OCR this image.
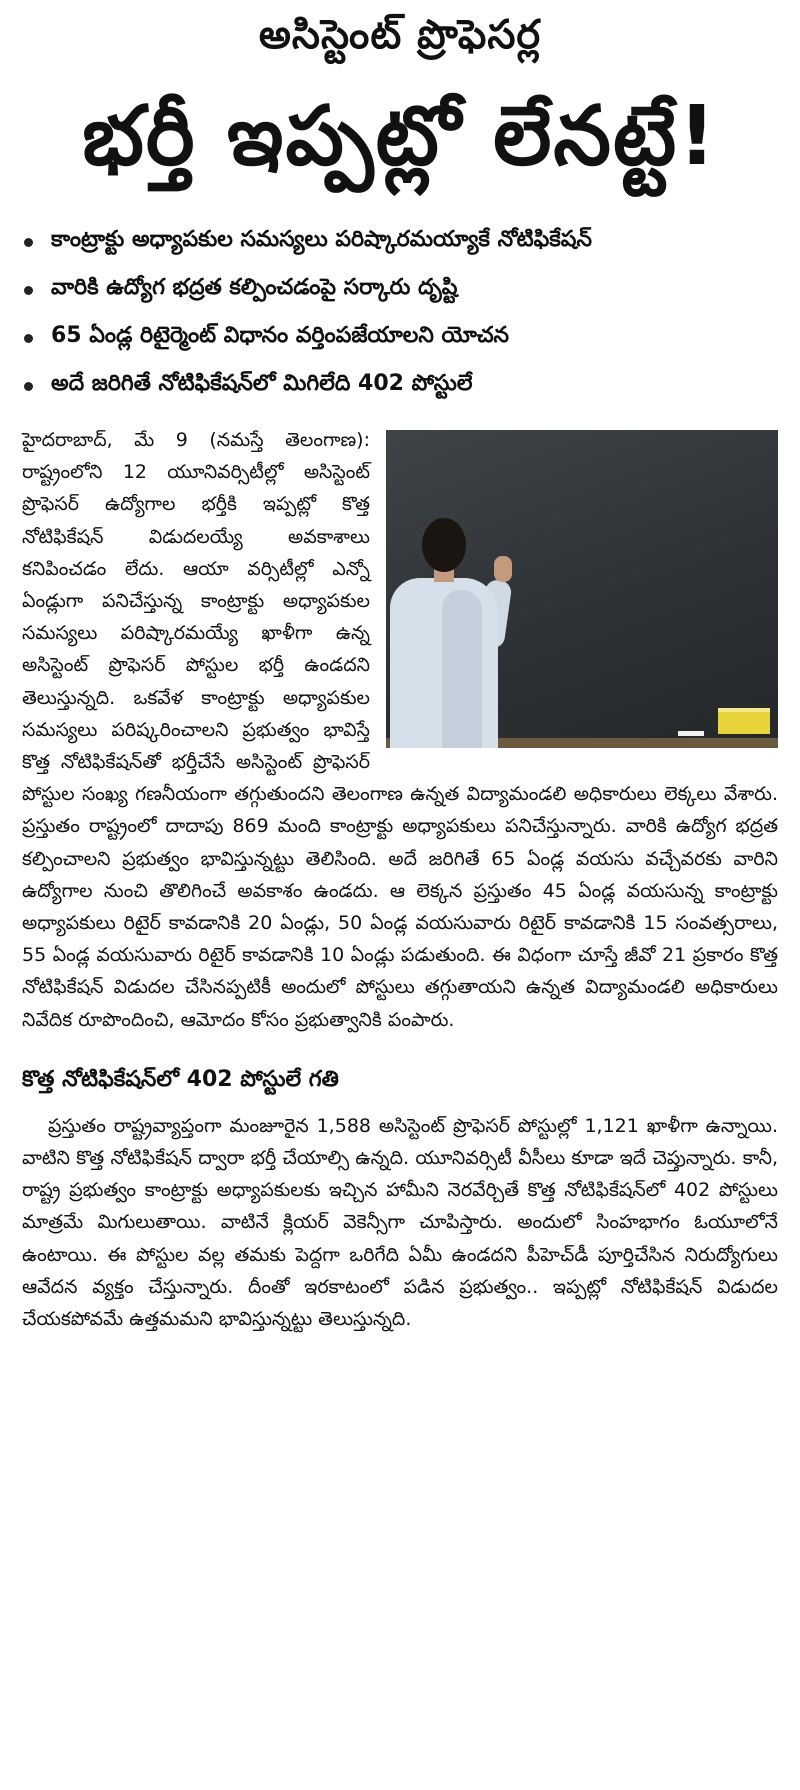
అసిస్టెంట్ ప్రొఫెసర్ల
భర్తీ ఇప్పట్లో లేనట్టే!
కాంట్రాక్టు అధ్యాపకుల సమస్యలు పరిష్కారమయ్యాకే నోటిఫికేషన్
వారికి ఉద్యోగ భద్రత కల్పించడంపై సర్కారు దృష్టి
65 ఏండ్ల రిటైర్మెంట్ విధానం వర్తింపజేయాలని యోచన
అదే జరిగితే నోటిఫికేషన్‌లో మిగిలేది 402 పోస్టులే

హైదరాబాద్, మే 9 (నమస్తే తెలంగాణ): రాష్ట్రంలోని 12 యూనివర్సిటీల్లో అసిస్టెంట్ ప్రొఫెసర్ ఉద్యోగాల భర్తీకి ఇప్పట్లో కొత్త నోటిఫికేషన్ విడుదలయ్యే అవకాశాలు కనిపించడం లేదు. ఆయా వర్సిటీల్లో ఎన్నో ఏండ్లుగా పనిచేస్తున్న కాంట్రాక్టు అధ్యాపకుల సమస్యలు పరిష్కారమయ్యే ఖాళీగా ఉన్న అసిస్టెంట్ ప్రొఫెసర్ పోస్టుల భర్తీ ఉండదని తెలుస్తున్నది. ఒకవేళ కాంట్రాక్టు అధ్యాపకుల సమస్యలు పరిష్కరించాలని ప్రభుత్వం భావిస్తే కొత్త నోటిఫికేషన్‌తో భర్తీచేసే అసిస్టెంట్ ప్రొఫెసర్ పోస్టుల సంఖ్య గణనీయంగా తగ్గుతుందని తెలంగాణ ఉన్నత విద్యామండలి అధికారులు లెక్కలు వేశారు. ప్రస్తుతం రాష్ట్రంలో దాదాపు 869 మంది కాంట్రాక్టు అధ్యాపకులు పనిచేస్తున్నారు. వారికి ఉద్యోగ భద్రత కల్పించాలని ప్రభుత్వం భావిస్తున్నట్టు తెలిసింది. అదే జరిగితే 65 ఏండ్ల వయసు వచ్చేవరకు వారిని ఉద్యోగాల నుంచి తొలిగించే అవకాశం ఉండదు. ఆ లెక్కన ప్రస్తుతం 45 ఏండ్ల వయసున్న కాంట్రాక్టు అధ్యాపకులు రిటైర్ కావడానికి 20 ఏండ్లు, 50 ఏండ్ల వయసువారు రిటైర్ కావడానికి 15 సంవత్సరాలు, 55 ఏండ్ల వయసువారు రిటైర్ కావడానికి 10 ఏండ్లు పడుతుంది. ఈ విధంగా చూస్తే జీవో 21 ప్రకారం కొత్త నోటిఫికేషన్ విడుదల చేసినప్పటికీ అందులో పోస్టులు తగ్గుతాయని ఉన్నత విద్యామండలి అధికారులు నివేదిక రూపొందించి, ఆమోదం కోసం ప్రభుత్వానికి పంపారు.

కొత్త నోటిఫికేషన్‌లో 402 పోస్టులే గతి

ప్రస్తుతం రాష్ట్రవ్యాప్తంగా మంజూరైన 1,588 అసిస్టెంట్ ప్రొఫెసర్ పోస్టుల్లో 1,121 ఖాళీగా ఉన్నాయి. వాటిని కొత్త నోటిఫికేషన్ ద్వారా భర్తీ చేయాల్సి ఉన్నది. యూనివర్సిటీ వీసీలు కూడా ఇదే చెప్తున్నారు. కానీ, రాష్ట్ర ప్రభుత్వం కాంట్రాక్టు అధ్యాపకులకు ఇచ్చిన హామీని నెరవేర్చితే కొత్త నోటిఫికేషన్‌లో 402 పోస్టులు మాత్రమే మిగులుతాయి. వాటినే క్లియర్ వెకెన్సీగా చూపిస్తారు. అందులో సింహభాగం ఓయూలోనే ఉంటాయి. ఈ పోస్టుల వల్ల తమకు పెద్దగా ఒరిగేది ఏమీ ఉండదని పీహెచ్‌డీ పూర్తిచేసిన నిరుద్యోగులు ఆవేదన వ్యక్తం చేస్తున్నారు. దీంతో ఇరకాటంలో పడిన ప్రభుత్వం.. ఇప్పట్లో నోటిఫికేషన్ విడుదల చేయకపోవమే ఉత్తమమని భావిస్తున్నట్టు తెలుస్తున్నది.
